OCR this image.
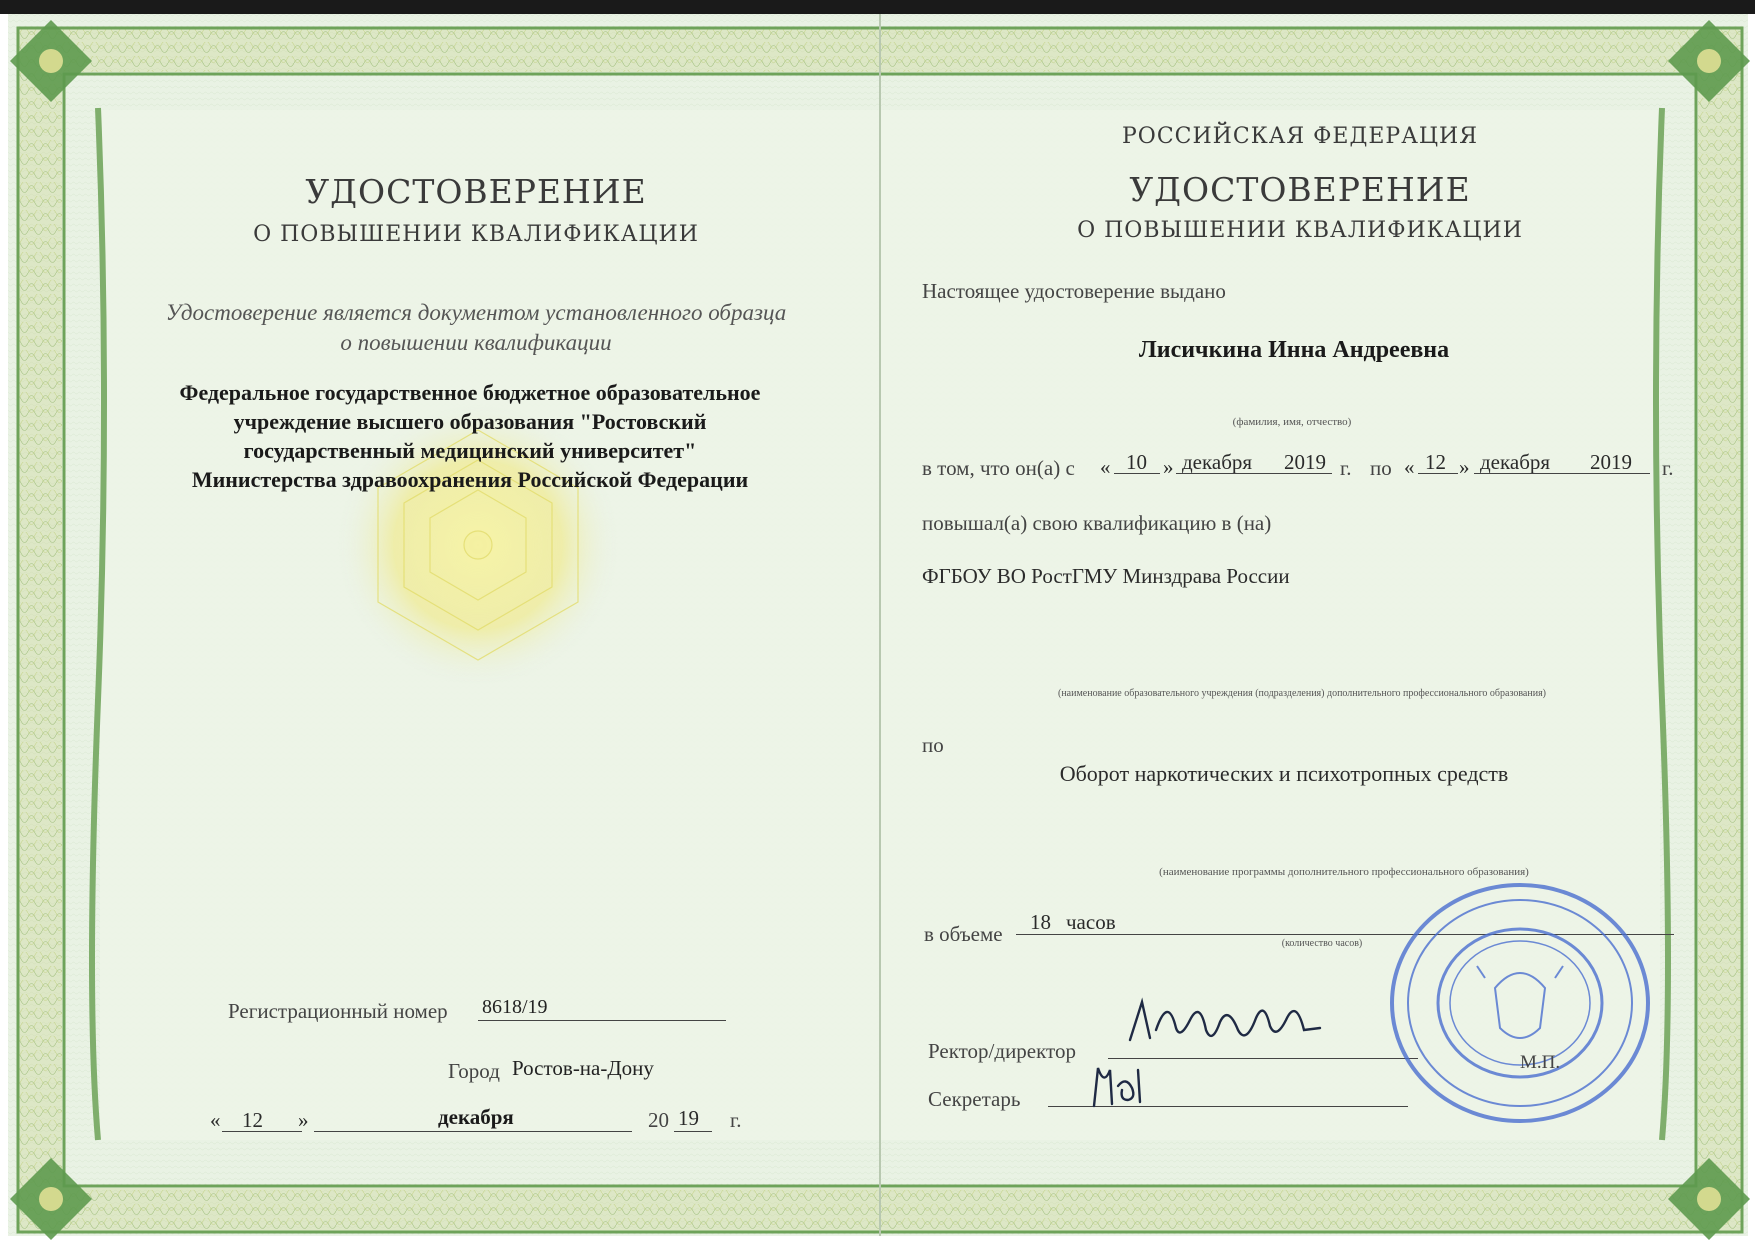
УДОСТОВЕРЕНИЕ
О ПОВЫШЕНИИ КВАЛИФИКАЦИИ
Удостоверение является документом установленного образца
о повышении квалификации
Федеральное государственное бюджетное образовательное
учреждение высшего образования "Ростовский
государственный медицинский университет"
Министерства здравоохранения Российской Федерации
Регистрационный номер 8618/19
Город Ростов-на-Дону
« 12 »	декабря	20 19 г.
РОССИЙСКАЯ ФЕДЕРАЦИЯ
УДОСТОВЕРЕНИЕ
О ПОВЫШЕНИИ КВАЛИФИКАЦИИ
Настоящее удостоверение выдано
Лисичкина Инна Андреевна
(фамилия, имя, отчество)
в том, что он(а) с « 10 » декабря 2019 г. по « 12 » декабря 2019 г.
повышал(а) свою квалификацию в (на)
ФГБОУ ВО РостГМУ Минздрава России
(наименование образовательного учреждения (подразделения) дополнительного профессионального образования)
по
Оборот наркотических и психотропных средств
(наименование программы дополнительного профессионального образования)
в объеме 18 часов
(количество часов)
Ректор/директор
Секретарь
М.П.
